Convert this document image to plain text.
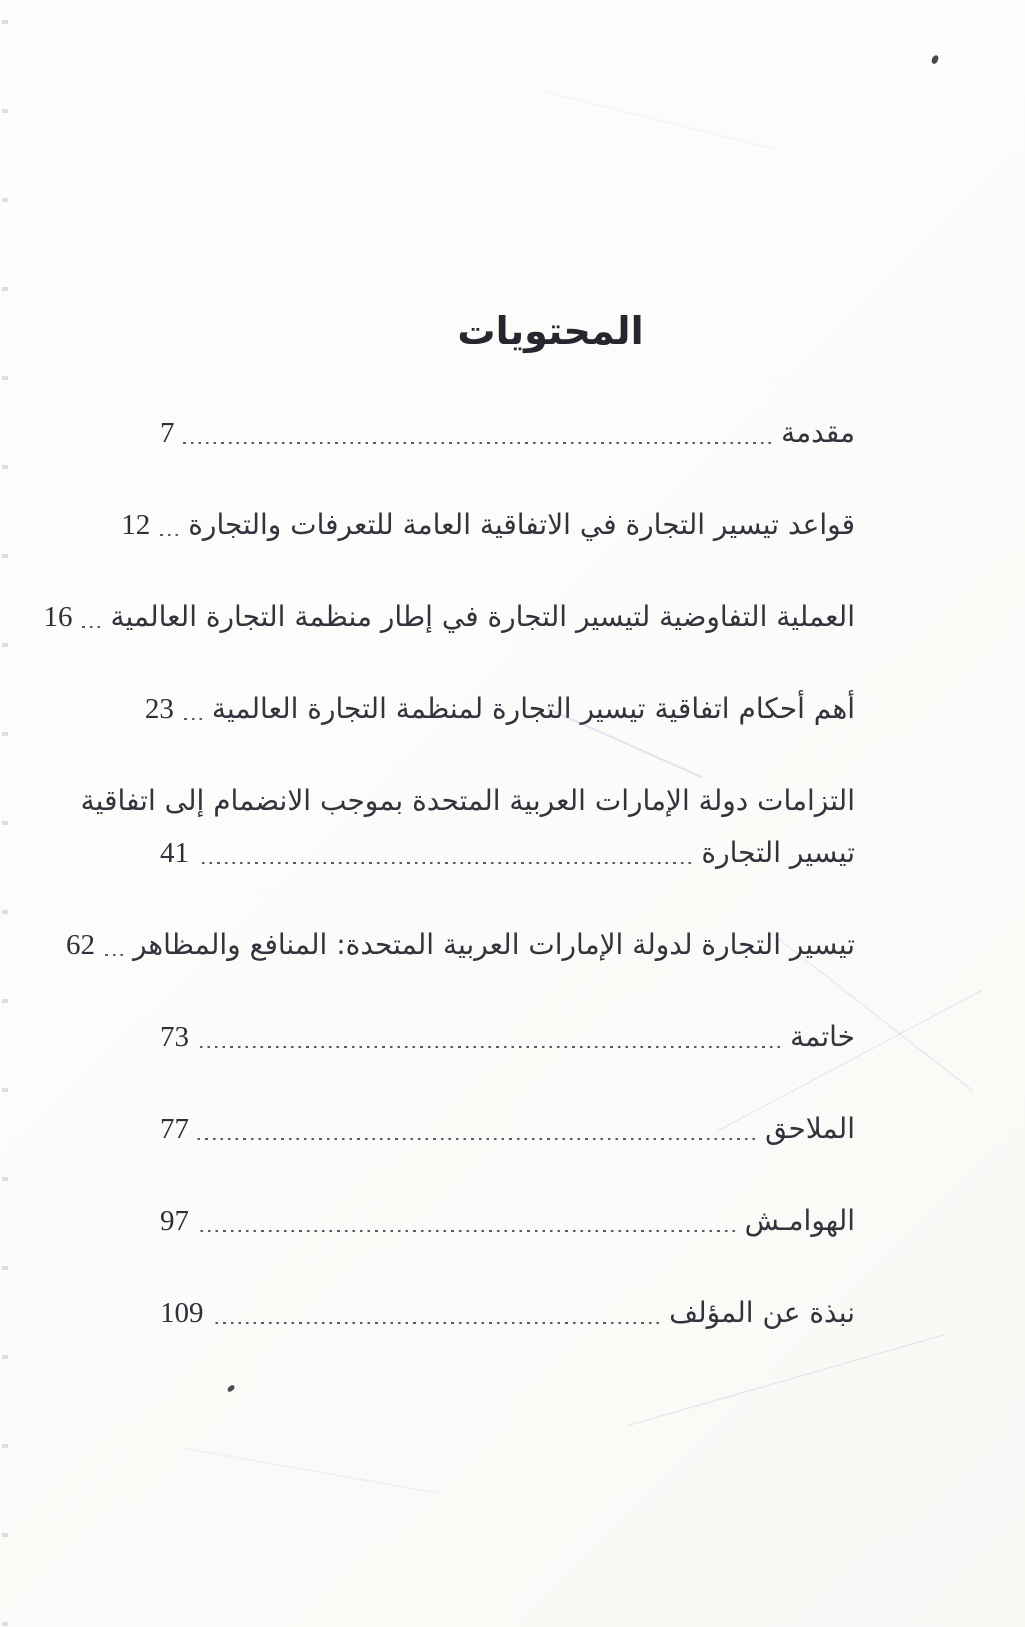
المحتويات
مقدمة
7
قواعد تيسير التجارة في الاتفاقية العامة للتعرفات والتجارة
12
العملية التفاوضية لتيسير التجارة في إطار منظمة التجارة العالمية
16
أهم أحكام اتفاقية تيسير التجارة لمنظمة التجارة العالمية
23
التزامات دولة الإمارات العربية المتحدة بموجب الانضمام إلى اتفاقية
تيسير التجارة
41
تيسير التجارة لدولة الإمارات العربية المتحدة: المنافع والمظاهر
62
خاتمة
73
الملاحق
77
الهوامـش
97
نبذة عن المؤلف
109
